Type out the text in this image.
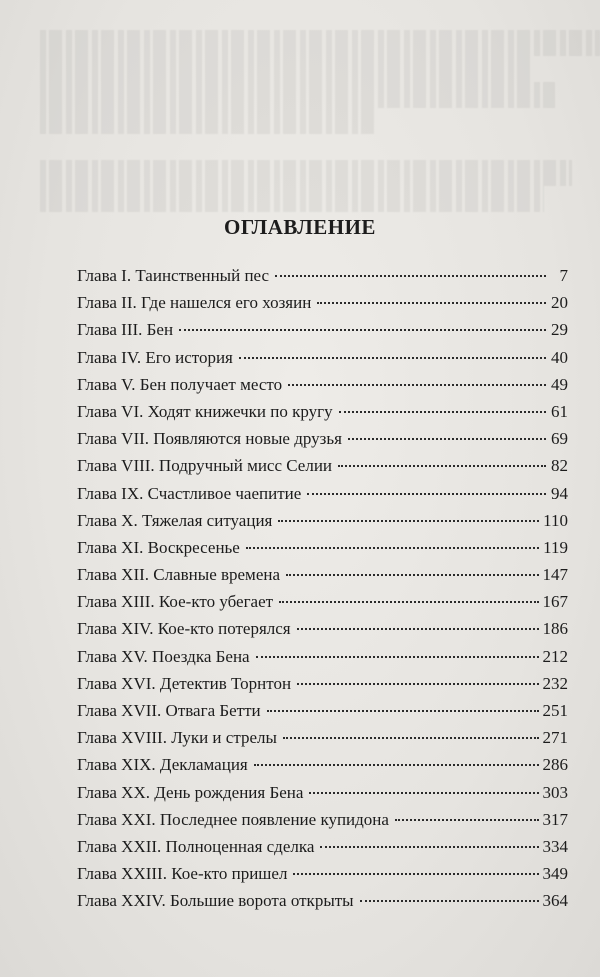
ОГЛАВЛЕНИЕ
Глава I. Таинственный пес	7
Глава II. Где нашелся его хозяин	20
Глава III. Бен	29
Глава IV. Его история	40
Глава V. Бен получает место	49
Глава VI. Ходят книжечки по кругу	61
Глава VII. Появляются новые друзья	69
Глава VIII. Подручный мисс Селии	82
Глава IX. Счастливое чаепитие	94
Глава X. Тяжелая ситуация	110
Глава XI. Воскресенье	119
Глава XII. Славные времена	147
Глава XIII. Кое-кто убегает	167
Глава XIV. Кое-кто потерялся	186
Глава XV. Поездка Бена	212
Глава XVI. Детектив Торнтон	232
Глава XVII. Отвага Бетти	251
Глава XVIII. Луки и стрелы	271
Глава XIX. Декламация	286
Глава XX. День рождения Бена	303
Глава XXI. Последнее появление купидона	317
Глава XXII. Полноценная сделка	334
Глава XXIII. Кое-кто пришел	349
Глава XXIV. Большие ворота открыты	364
